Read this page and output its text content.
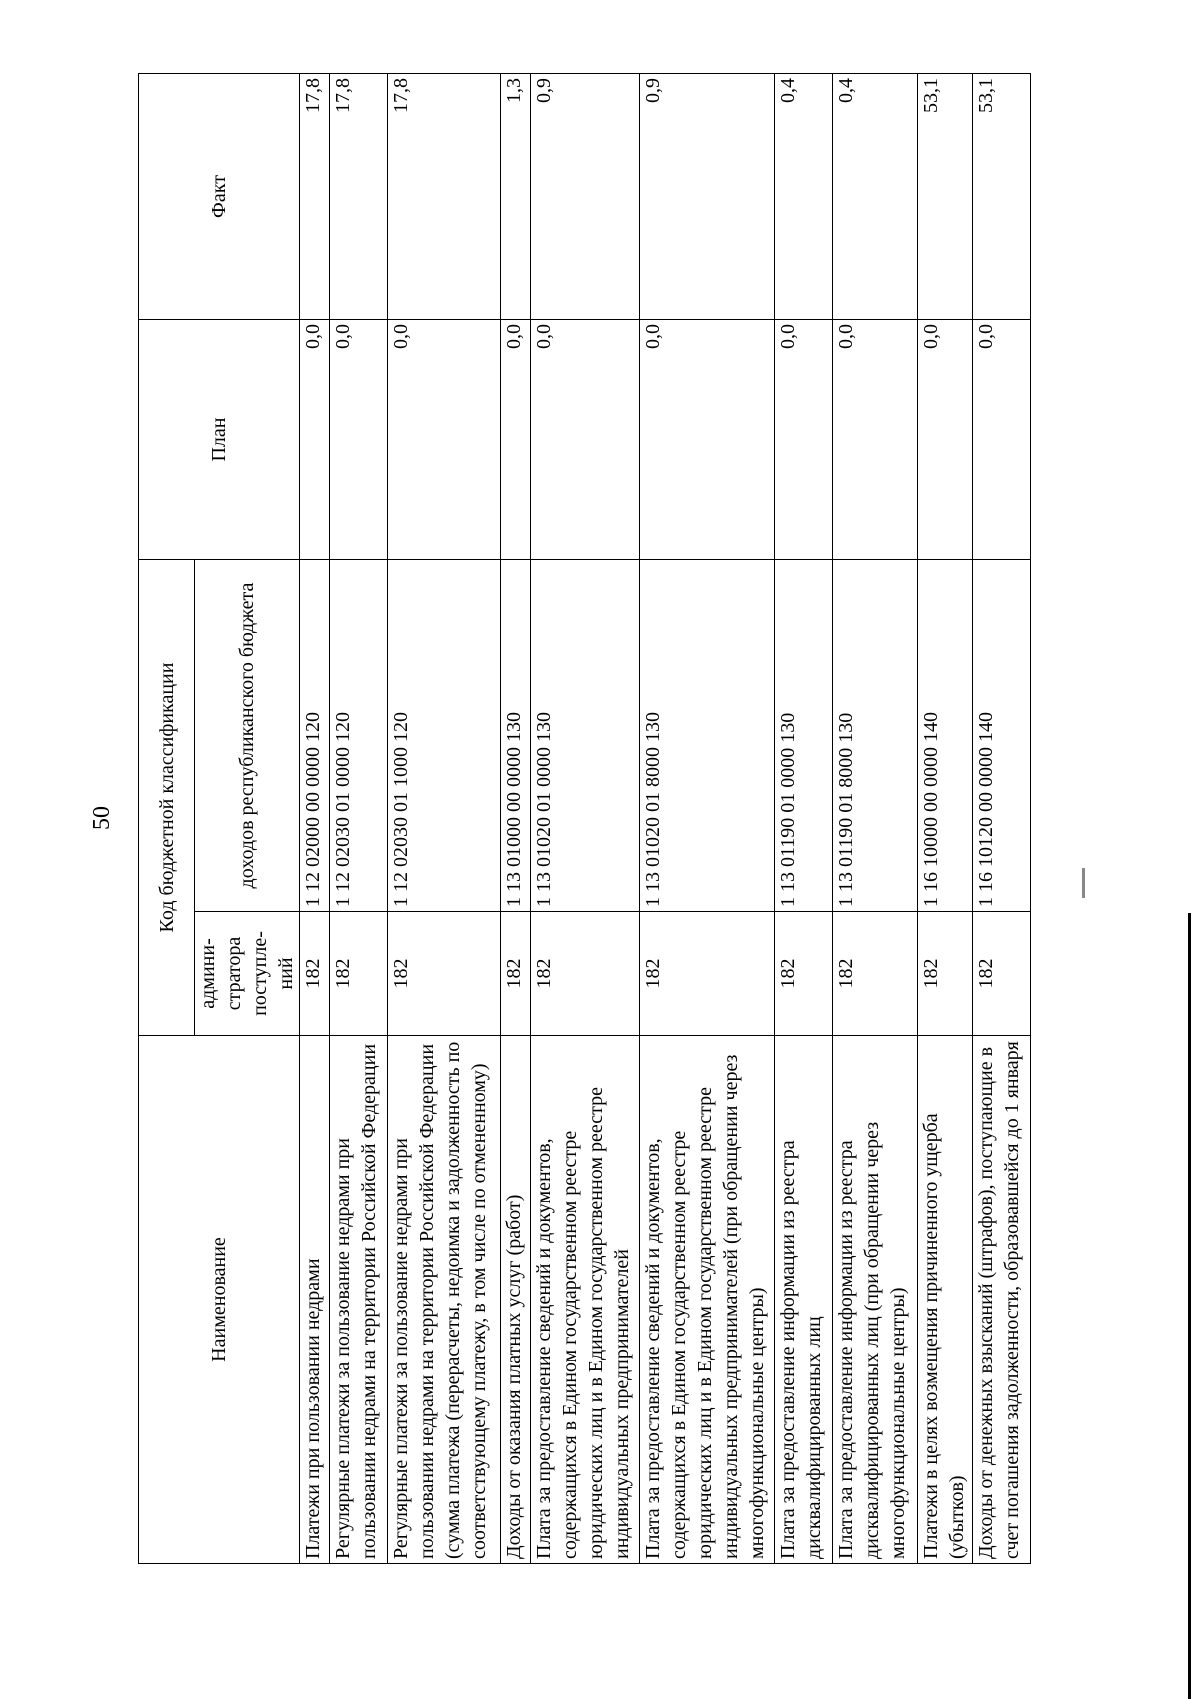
50
Наименование	Код бюджетной классификации		План	Факт
	админи-стратора поступле-ний	доходов республиканского бюджета		
Платежи при пользовании недрами	182	1 12 02000 00 0000 120	0,0	17,8
Регулярные платежи за пользование недрами при пользовании недрами на территории Российской Федерации	182	1 12 02030 01 0000 120	0,0	17,8
Регулярные платежи за пользование недрами при пользовании недрами на территории Российской Федерации (сумма платежа (перерасчеты, недоимка и задолженность по соответствующему платежу, в том числе по отмененному)	182	1 12 02030 01 1000 120	0,0	17,8
Доходы от оказания платных услуг (работ)	182	1 13 01000 00 0000 130	0,0	1,3
Плата за предоставление сведений и документов, содержащихся в Едином государственном реестре юридических лиц и в Едином государственном реестре индивидуальных предпринимателей	182	1 13 01020 01 0000 130	0,0	0,9
Плата за предоставление сведений и документов, содержащихся в Едином государственном реестре юридических лиц и в Едином государственном реестре индивидуальных предпринимателей (при обращении через многофункциональные центры)	182	1 13 01020 01 8000 130	0,0	0,9
Плата за предоставление информации из реестра дисквалифицированных лиц	182	1 13 01190 01 0000 130	0,0	0,4
Плата за предоставление информации из реестра дисквалифицированных лиц (при обращении через многофункциональные центры)	182	1 13 01190 01 8000 130	0,0	0,4
Платежи в целях возмещения причиненного ущерба (убытков)	182	1 16 10000 00 0000 140	0,0	53,1
Доходы от денежных взысканий (штрафов), поступающие в счет погашения задолженности, образовавшейся до 1 января	182	1 16 10120 00 0000 140	0,0	53,1
